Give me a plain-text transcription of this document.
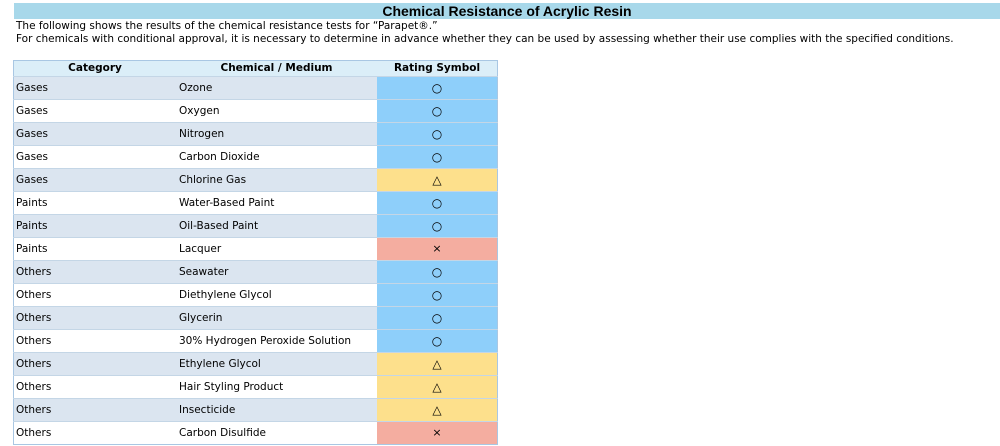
Chemical Resistance of Acrylic Resin

The following shows the results of the chemical resistance tests for “Parapet®.”

For chemicals with conditional approval, it is necessary to determine in advance whether they can be used by assessing whether their use complies with the specified conditions.

Category	Chemical / Medium	Rating Symbol
Gases	Ozone	○
Gases	Oxygen	○
Gases	Nitrogen	○
Gases	Carbon Dioxide	○
Gases	Chlorine Gas	△
Paints	Water-Based Paint	○
Paints	Oil-Based Paint	○
Paints	Lacquer	×
Others	Seawater	○
Others	Diethylene Glycol	○
Others	Glycerin	○
Others	30% Hydrogen Peroxide Solution	○
Others	Ethylene Glycol	△
Others	Hair Styling Product	△
Others	Insecticide	△
Others	Carbon Disulfide	×
